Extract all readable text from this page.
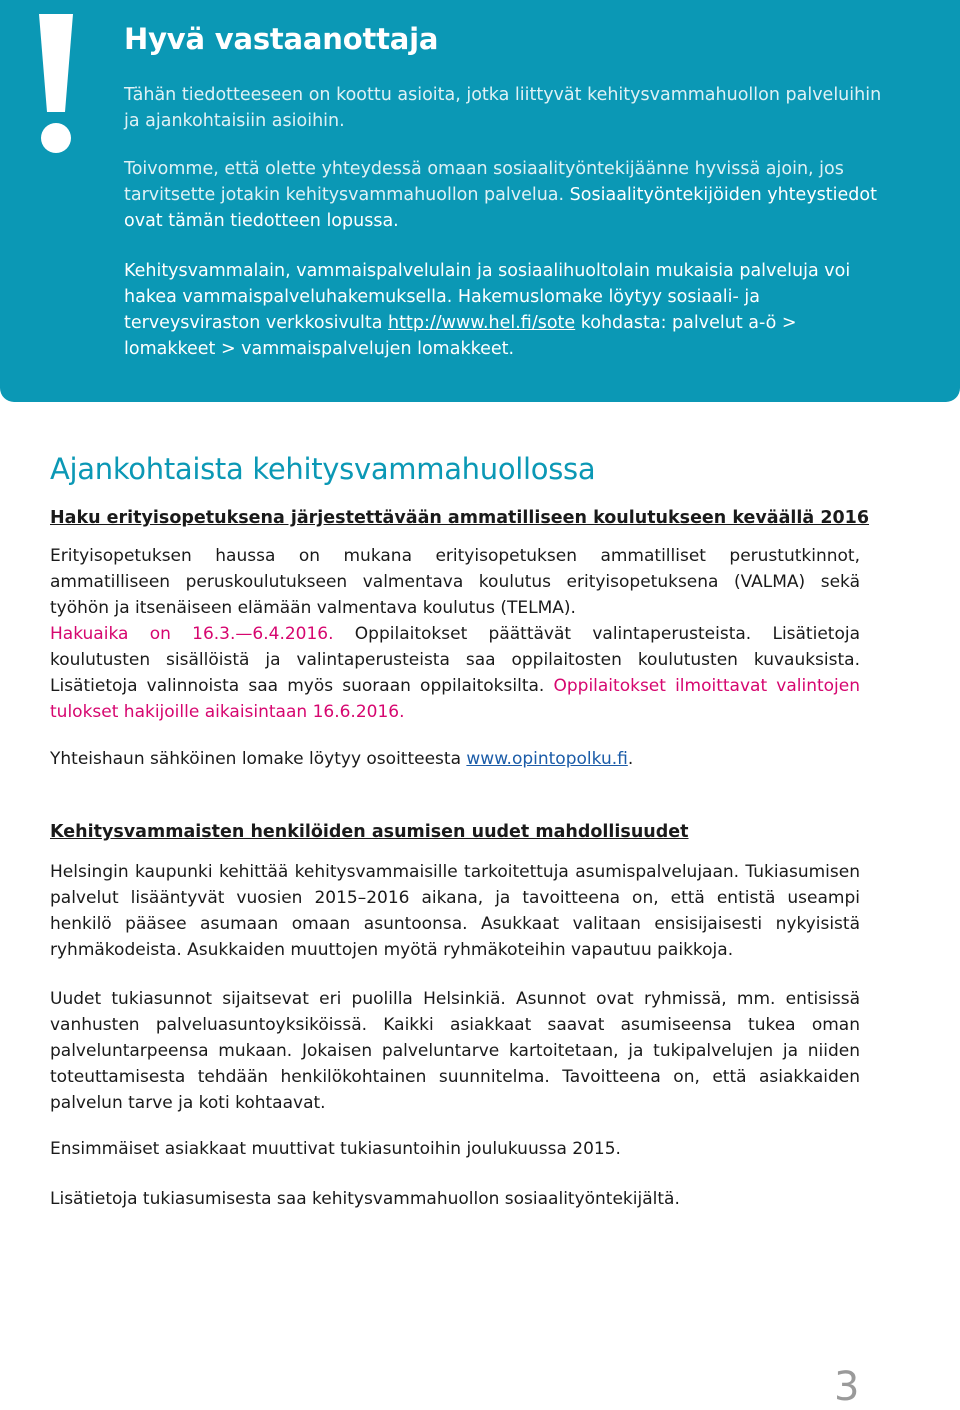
Hyvä vastaanottaja

Tähän tiedotteeseen on koottu asioita, jotka liittyvät kehitysvammahuollon palveluihin ja ajankohtaisiin asioihin.

Toivomme, että olette yhteydessä omaan sosiaalityöntekijäänne hyvissä ajoin, jos tarvitsette jotakin kehitysvammahuollon palvelua. Sosiaalityöntekijöiden yhteystiedot ovat tämän tiedotteen lopussa.

Kehitysvammalain, vammaispalvelulain ja sosiaalihuoltolain mukaisia palveluja voi hakea vammaispalveluhakemuksella. Hakemuslomake löytyy sosiaali- ja terveysviraston verkkosivulta http://www.hel.fi/sote kohdasta: palvelut a-ö > lomakkeet > vammaispalvelujen lomakkeet.

Ajankohtaista kehitysvammahuollossa
Haku erityisopetuksena järjestettävään ammatilliseen koulutukseen keväällä 2016

Erityisopetuksen haussa on mukana erityisopetuksen ammatilliset perustutkinnot, ammatilliseen peruskoulutukseen valmentava koulutus erityisopetuksena (VALMA) sekä työhön ja itsenäiseen elämään valmentava koulutus (TELMA).

Hakuaika on 16.3.—6.4.2016. Oppilaitokset päättävät valintaperusteista. Lisätietoja koulutusten sisällöistä ja valintaperusteista saa oppilaitosten koulutusten kuvauksista. Lisätietoja valinnoista saa myös suoraan oppilaitoksilta. Oppilaitokset ilmoittavat valintojen tulokset hakijoille aikaisintaan 16.6.2016.

Yhteishaun sähköinen lomake löytyy osoitteesta www.opintopolku.fi.

Kehitysvammaisten henkilöiden asumisen uudet mahdollisuudet

Helsingin kaupunki kehittää kehitysvammaisille tarkoitettuja asumispalvelujaan. Tukiasumisen palvelut lisääntyvät vuosien 2015–2016 aikana, ja tavoitteena on, että entistä useampi henkilö pääsee asumaan omaan asuntoonsa. Asukkaat valitaan ensisijaisesti nykyisistä ryhmäkodeista. Asukkaiden muuttojen myötä ryhmäkoteihin vapautuu paikkoja.

Uudet tukiasunnot sijaitsevat eri puolilla Helsinkiä. Asunnot ovat ryhmissä, mm. entisissä vanhusten palveluasuntoyksiköissä. Kaikki asiakkaat saavat asumiseensa tukea oman palveluntarpeensa mukaan. Jokaisen palveluntarve kartoitetaan, ja tukipalvelujen ja niiden toteuttamisesta tehdään henkilökohtainen suunnitelma. Tavoitteena on, että asiakkaiden palvelun tarve ja koti kohtaavat.

Ensimmäiset asiakkaat muuttivat tukiasuntoihin joulukuussa 2015.

Lisätietoja tukiasumisesta saa kehitysvammahuollon sosiaalityöntekijältä.

3
